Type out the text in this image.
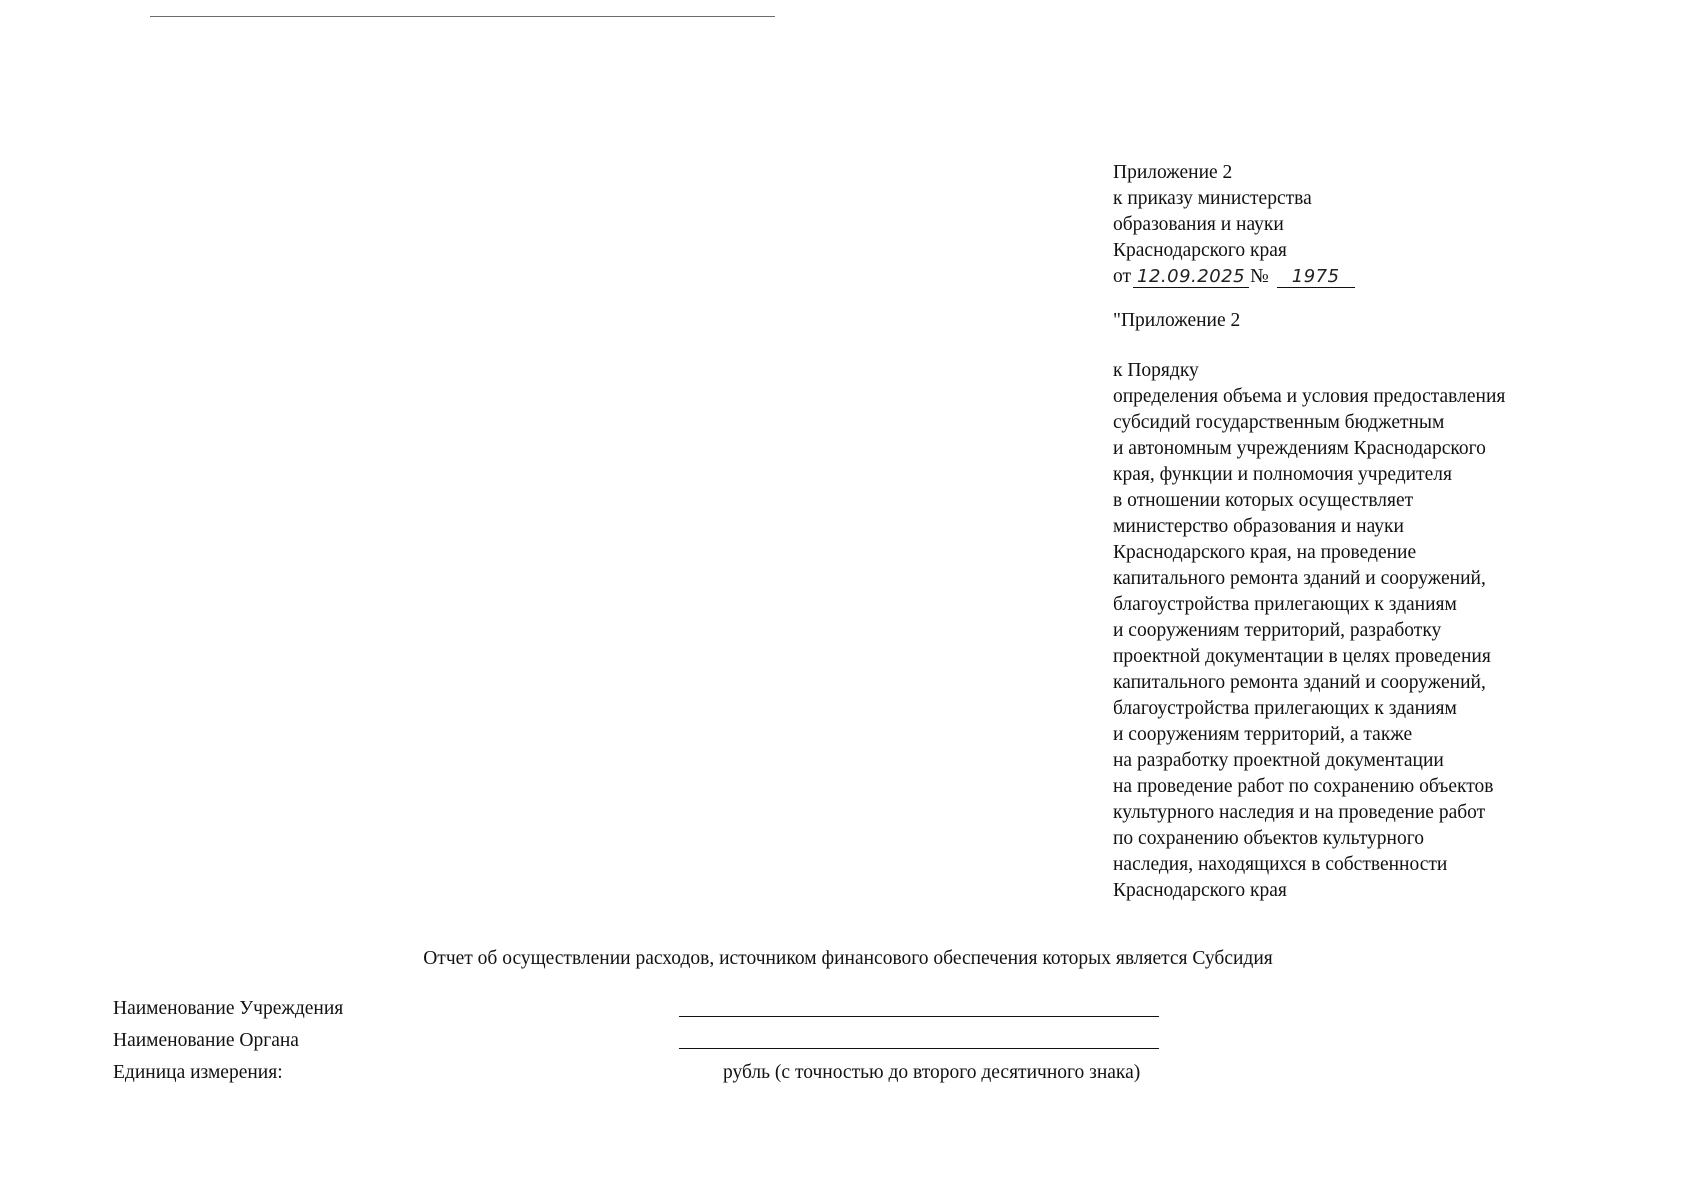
Приложение 2
к приказу министерства
образования и науки
Краснодарского края
от 12.09.2025 № 1975
"Приложение 2
к Порядку
определения объема и условия предоставления
субсидий государственным бюджетным
и автономным учреждениям Краснодарского
края, функции и полномочия учредителя
в отношении которых осуществляет
министерство образования и науки
Краснодарского края, на проведение
капитального ремонта зданий и сооружений,
благоустройства прилегающих к зданиям
и сооружениям территорий, разработку
проектной документации в целях проведения
капитального ремонта зданий и сооружений,
благоустройства прилегающих к зданиям
и сооружениям территорий, а также
на разработку проектной документации
на проведение работ по сохранению объектов
культурного наследия и на проведение работ
по сохранению объектов культурного
наследия, находящихся в собственности
Краснодарского края
Отчет об осуществлении расходов, источником финансового обеспечения которых является Субсидия
Наименование Учреждения
Наименование Органа
Единица измерения:	рубль (с точностью до второго десятичного знака)
